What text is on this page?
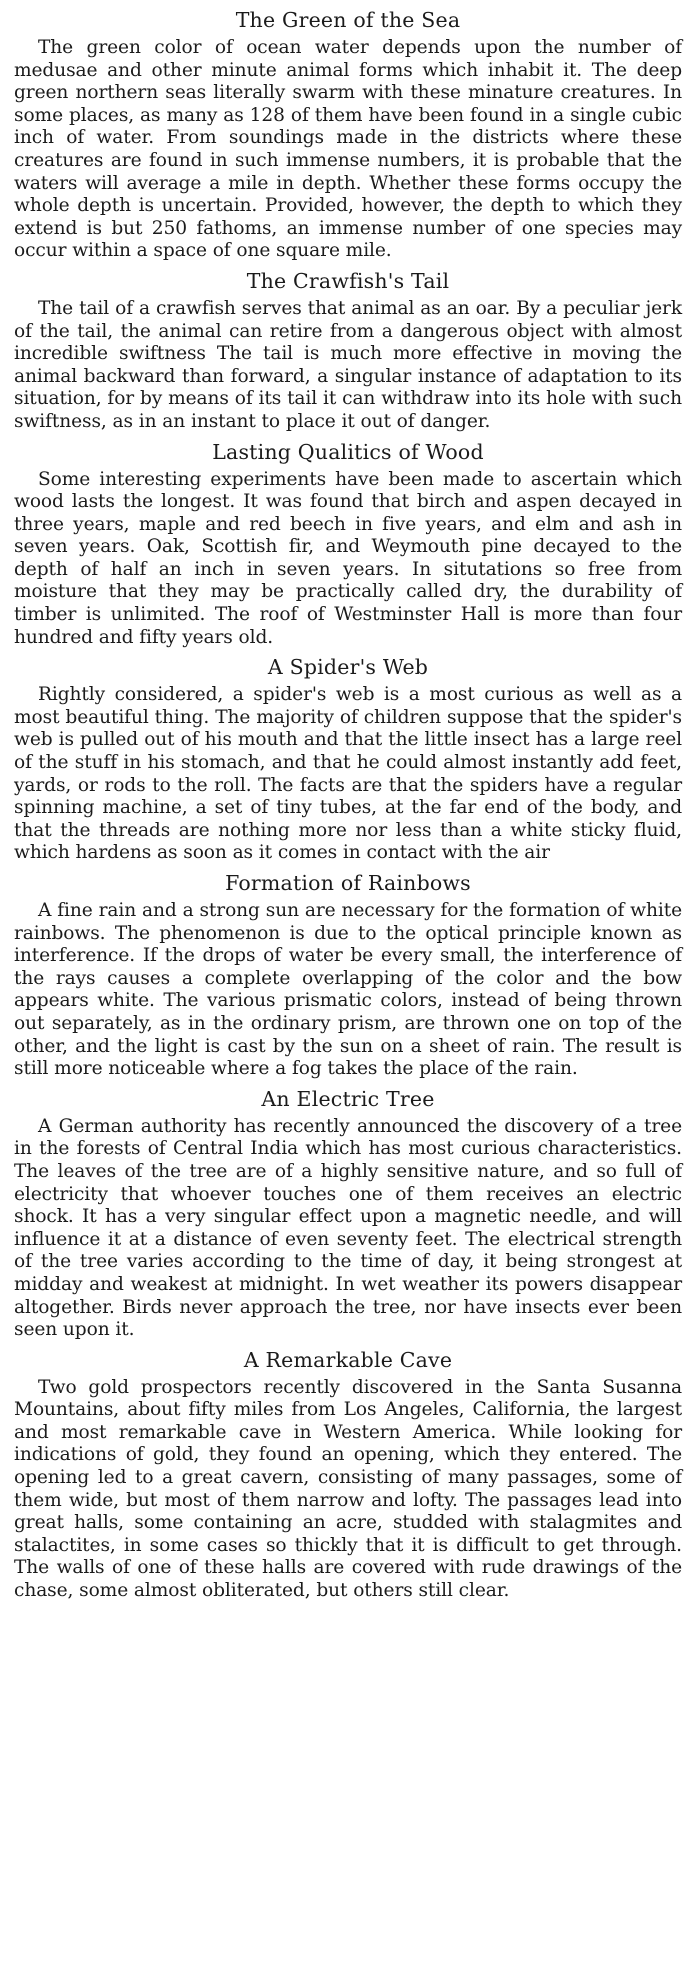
The Green of the Sea

The green color of ocean water depends upon the number of medusae and other minute animal forms which inhabit it. The deep green northern seas literally swarm with these minature creatures. In some places, as many as 128 of them have been found in a single cubic inch of water. From soundings made in the districts where these creatures are found in such immense numbers, it is probable that the waters will average a mile in depth. Whether these forms occupy the whole depth is uncertain. Provided, however, the depth to which they extend is but 250 fathoms, an immense number of one species may occur within a space of one square mile.

The Crawfish's Tail

The tail of a crawfish serves that animal as an oar. By a peculiar jerk of the tail, the animal can retire from a dangerous object with almost incredible swiftness The tail is much more effective in moving the animal backward than forward, a singular instance of adaptation to its situation, for by means of its tail it can withdraw into its hole with such swiftness, as in an instant to place it out of danger.

Lasting Qualitics of Wood

Some interesting experiments have been made to ascertain which wood lasts the longest. It was found that birch and aspen decayed in three years, maple and red beech in five years, and elm and ash in seven years. Oak, Scottish fir, and Weymouth pine decayed to the depth of half an inch in seven years. In situtations so free from moisture that they may be practically called dry, the durability of timber is unlimited. The roof of Westminster Hall is more than four hundred and fifty years old.

A Spider's Web

Rightly considered, a spider's web is a most curious as well as a most beautiful thing. The majority of children suppose that the spider's web is pulled out of his mouth and that the little insect has a large reel of the stuff in his stomach, and that he could almost instantly add feet, yards, or rods to the roll. The facts are that the spiders have a regular spinning machine, a set of tiny tubes, at the far end of the body, and that the threads are nothing more nor less than a white sticky fluid, which hardens as soon as it comes in contact with the air

Formation of Rainbows

A fine rain and a strong sun are necessary for the formation of white rainbows. The phenomenon is due to the optical principle known as interference. If the drops of water be every small, the interference of the rays causes a complete overlapping of the color and the bow appears white. The various prismatic colors, instead of being thrown out separately, as in the ordinary prism, are thrown one on top of the other, and the light is cast by the sun on a sheet of rain. The result is still more noticeable where a fog takes the place of the rain.

An Electric Tree

A German authority has recently announced the discovery of a tree in the forests of Central India which has most curious characteristics. The leaves of the tree are of a highly sensitive nature, and so full of electricity that whoever touches one of them receives an electric shock. It has a very singular effect upon a magnetic needle, and will influence it at a distance of even seventy feet. The electrical strength of the tree varies according to the time of day, it being strongest at midday and weakest at midnight. In wet weather its powers disappear altogether. Birds never approach the tree, nor have insects ever been seen upon it.

A Remarkable Cave

Two gold prospectors recently discovered in the Santa Susanna Mountains, about fifty miles from Los Angeles, California, the largest and most remarkable cave in Western America. While looking for indications of gold, they found an opening, which they entered. The opening led to a great cavern, consisting of many passages, some of them wide, but most of them narrow and lofty. The passages lead into great halls, some containing an acre, studded with stalagmites and stalactites, in some cases so thickly that it is difficult to get through. The walls of one of these halls are covered with rude drawings of the chase, some almost obliterated, but others still clear.
